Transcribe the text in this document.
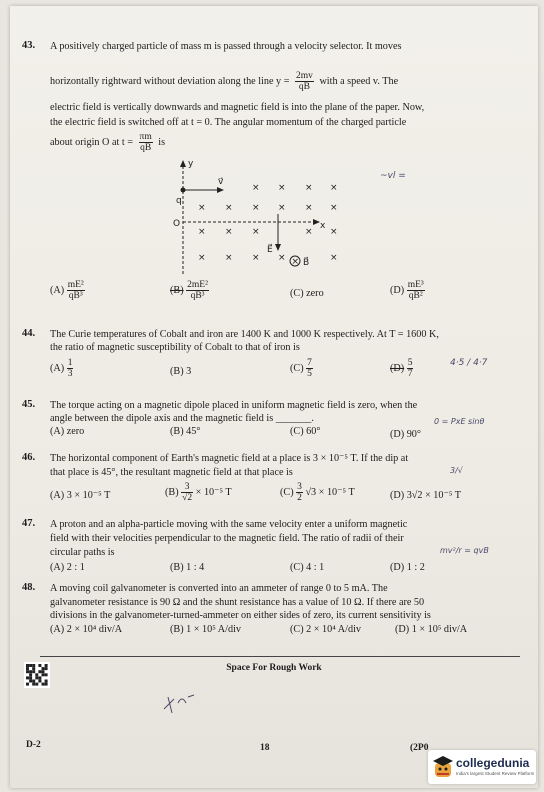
43. A positively charged particle of mass m is passed through a velocity selector. It moves
horizontally rightward without deviation along the line $y = \frac{2mv}{qB}$ with a speed v. The
electric field is vertically downwards and magnetic field is into the plane of the paper. Now,
the electric field is switched off at t = 0. The angular momentum of the charged particle
about origin O at $t = \frac{\pi m}{qB}$ is
~vl =
y
x
O
q
v⃗
E⃗
× B⃗
× × × ×
× × × × × ×
× × ×	× ×
× × × ×	×
$(A) \frac{\text{mE²}}{\text{qB³}}$	$(B) \frac{\text{2mE²}}{\text{qB³}}$	(C) zero	$(D) \frac{\text{mE³}}{\text{qB²}}$
44. The Curie temperatures of Cobalt and iron are 1400 K and 1000 K respectively. At T = 1600 K,
the ratio of magnetic susceptibility of Cobalt to that of iron is
$(A) \frac{1}{3}$	(B) 3	$(C) \frac{7}{5}$	$(D) \frac{5}{7}$	4·5 / 4·7
45. The torque acting on a magnetic dipole placed in uniform magnetic field is zero, when the
angle between the dipole axis and the magnetic field is _______.
(A) zero	(B) 45°	(C) 60°	(D) 90°
0 = PxE sinθ
46. The horizontal component of Earth's magnetic field at a place is 3 × 10⁻⁵ T. If the dip at
that place is 45°, the resultant magnetic field at that place is	3/√
(A) 3 × 10⁻⁵ T	$(B) \frac{3}{√2} \times 10^{-5}$ T	$(C) \frac{3}{2} √3 \times 10^{-5}$ T	(D) 3√2 × 10⁻⁵ T
47. A proton and an alpha-particle moving with the same velocity enter a uniform magnetic
field with their velocities perpendicular to the magnetic field. The ratio of radii of their
circular paths is	mv²/r = qvB
(A) 2 : 1	(B) 1 : 4	(C) 4 : 1	(D) 1 : 2
48. A moving coil galvanometer is converted into an ammeter of range 0 to 5 mA. The
galvanometer resistance is 90 Ω and the shunt resistance has a value of 10 Ω. If there are 50
divisions in the galvanometer-turned-ammeter on either sides of zero, its current sensitivity is
(A) 2 × 10⁴ div/A	(B) 1 × 10⁵ A/div	(C) 2 × 10⁴ A/div	(D) 1 × 10⁵ div/A
Space For Rough Work
D-2	18	(2P0
collegedunia
India's largest Student Review Platform
